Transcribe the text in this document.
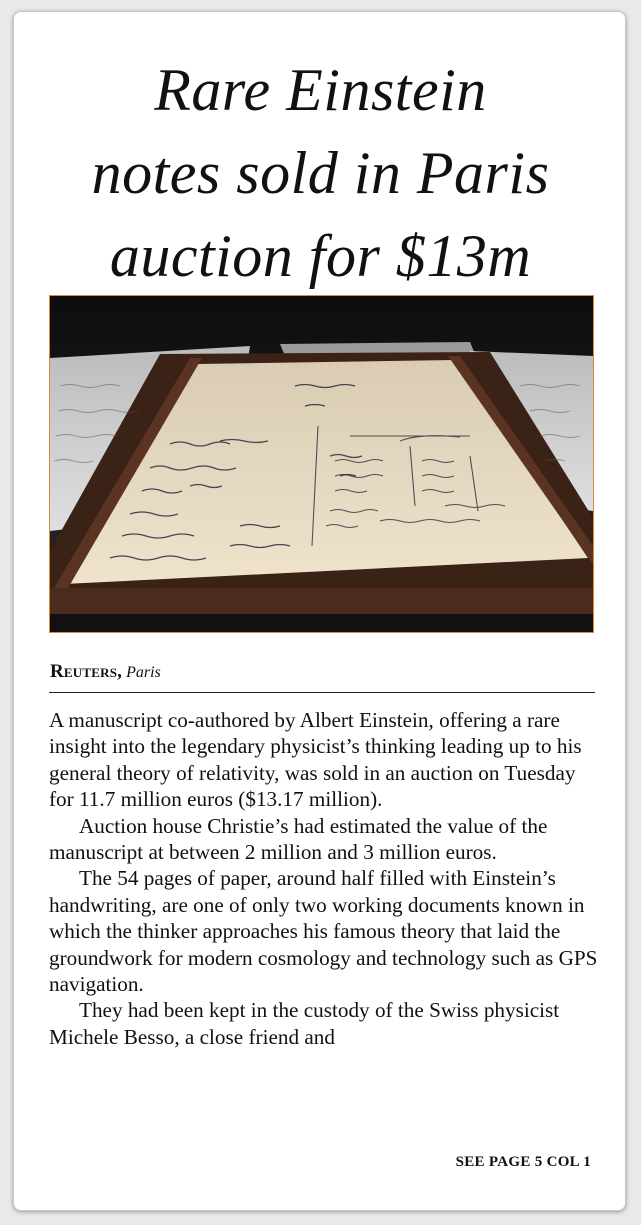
Rare Einstein
notes sold in Paris
auction for $13m
Reuters, Paris

A manuscript co-authored by Albert Einstein, offering a rare insight into the legendary physicist’s thinking leading up to his general theory of relativity, was sold in an auction on Tuesday for 11.7 million euros ($13.17 million).

Auction house Christie’s had estimated the value of the manuscript at between 2 million and 3 million euros.

The 54 pages of paper, around half filled with Einstein’s handwriting, are one of only two working documents known in which the thinker approaches his famous theory that laid the groundwork for modern cosmology and technology such as GPS navigation.

They had been kept in the custody of the Swiss physicist Michele Besso, a close friend and

SEE PAGE 5 COL 1
